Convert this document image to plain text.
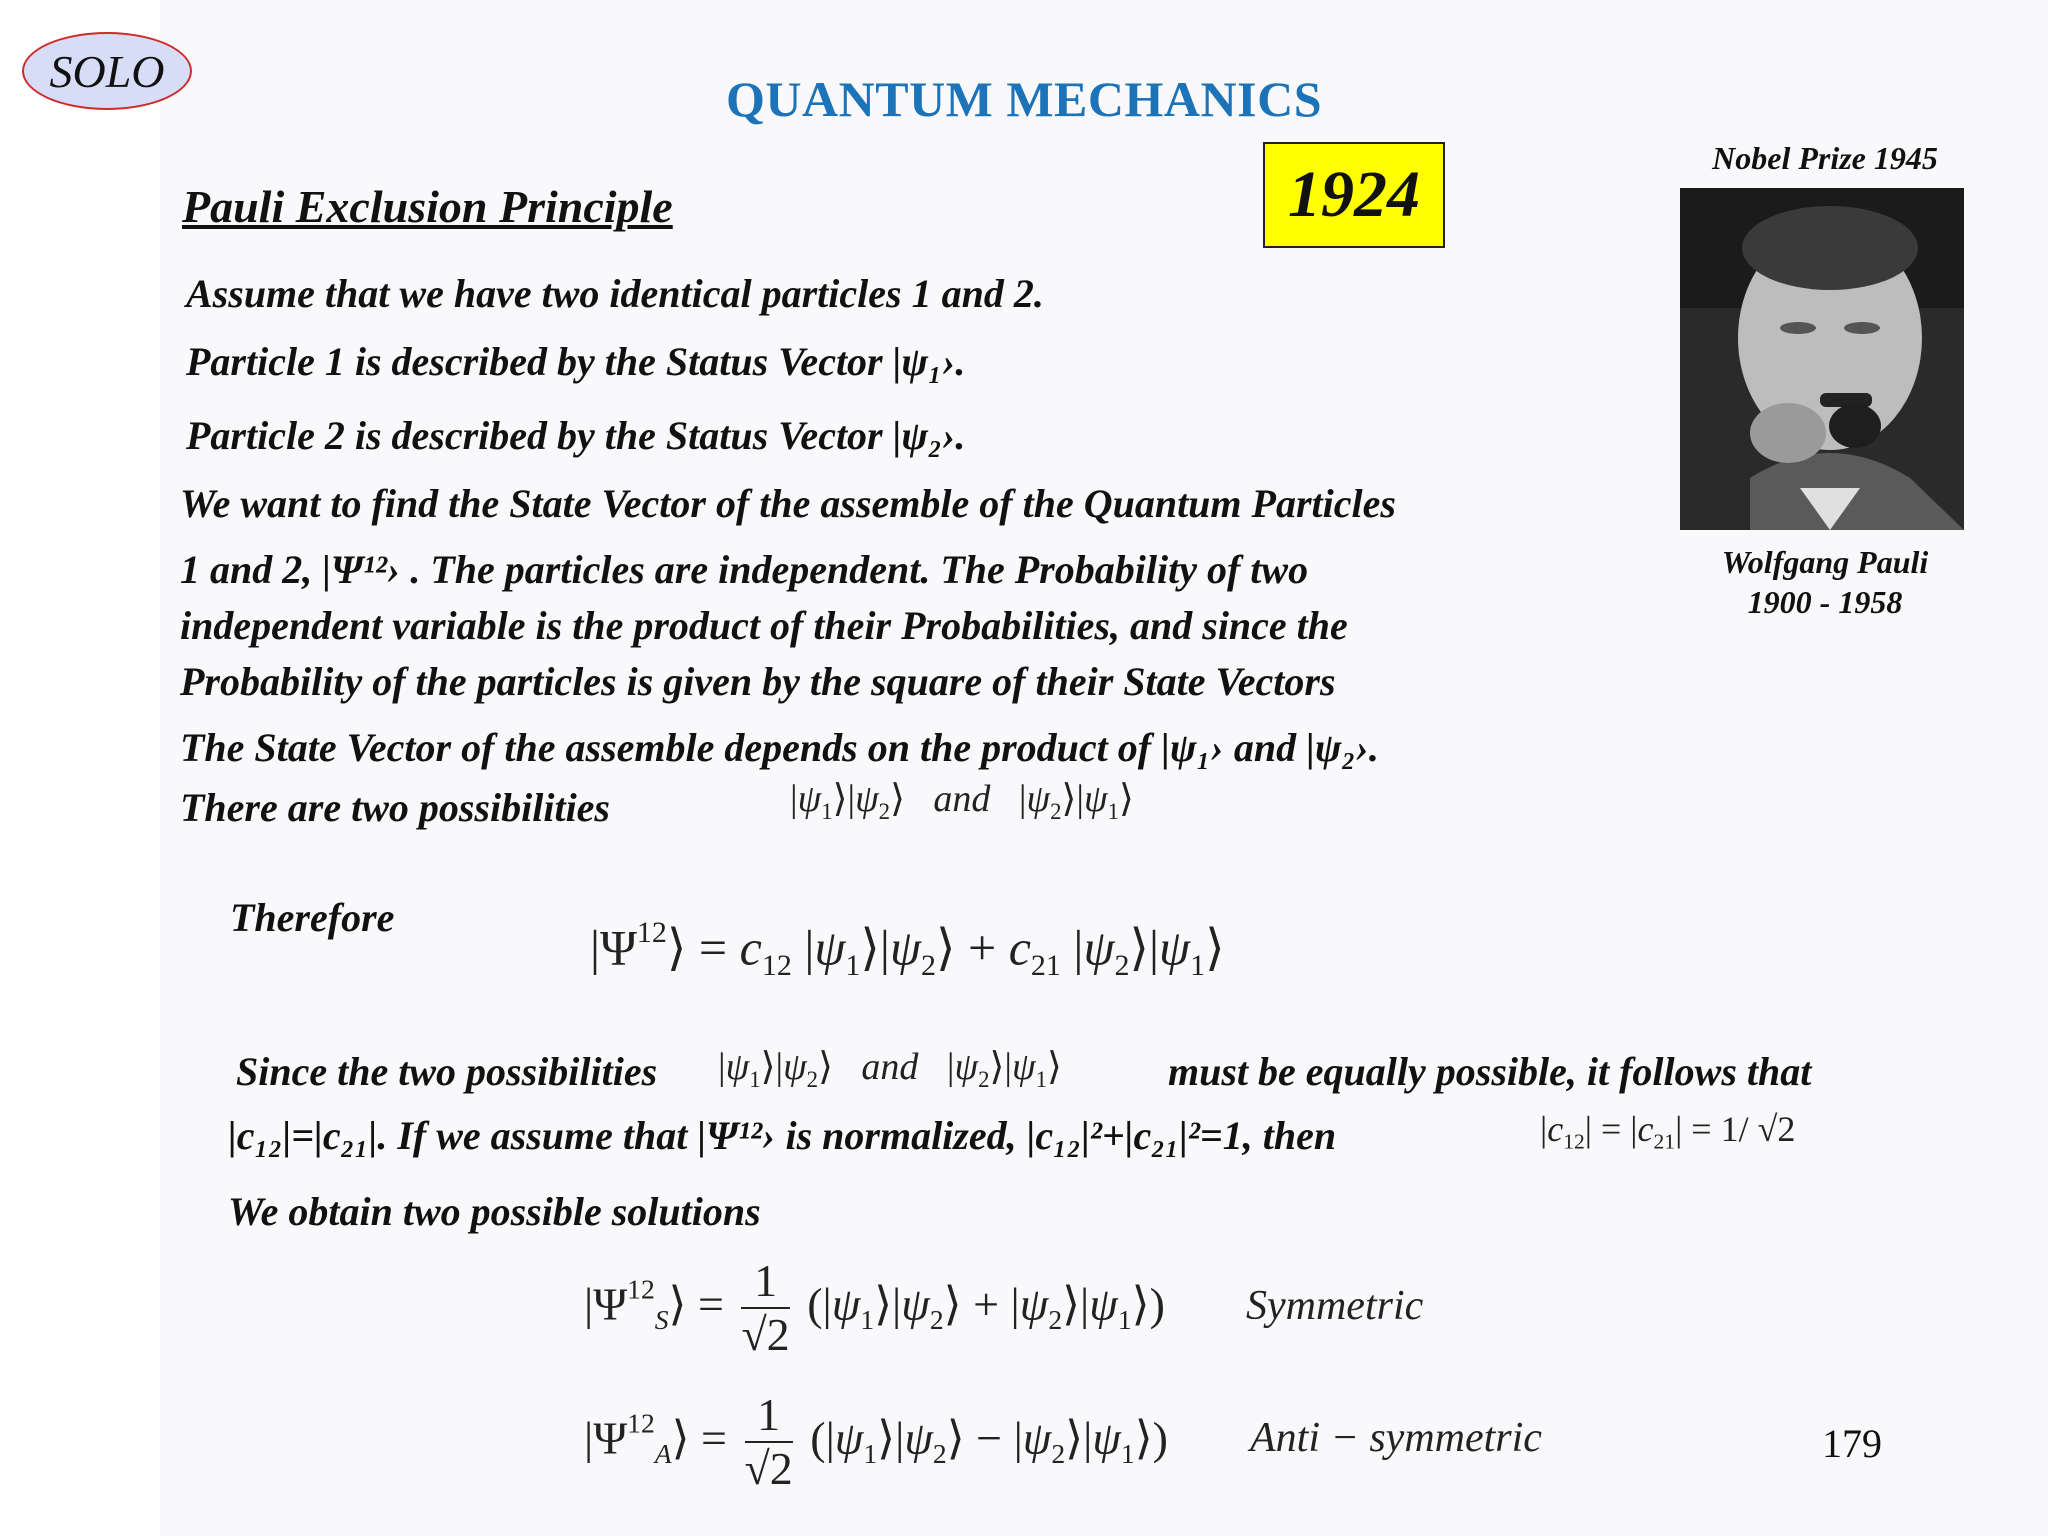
SOLO	QUANTUM MECHANICS
1924
Pauli Exclusion Principle
Nobel Prize 1945
Wolfgang Pauli
1900 - 1958
Assume that we have two identical particles 1 and 2.
Particle 1 is described by the Status Vector |ψ₁›.
Particle 2 is described by the Status Vector |ψ₂›.
We want to find the State Vector of the assemble of the Quantum Particles
1 and 2, |Ψ¹²› . The particles are independent. The Probability of two
independent variable is the product of their Probabilities, and since the
Probability of the particles is given by the square of their State Vectors
The State Vector of the assemble depends on the product of |ψ₁› and |ψ₂›.
There are two possibilities	$|\psi_1⟩|\psi_2⟩$   and   $|\psi_2⟩|\psi_1⟩$
Therefore
$|\Psi^{12}⟩ = c_{12}$ $|\psi_1⟩|\psi_2⟩ + c_{21}$ $|\psi_2⟩|\psi_1⟩$
Since the two possibilities $|\psi_1⟩|\psi_2⟩$   and   $|\psi_2⟩|\psi_1⟩$	must be equally possible, it follows that
|c₁₂|=|c₂₁|. If we assume that |Ψ¹²› is normalized, |c₁₂|²+|c₂₁|²=1, then	$|c_{12}| = |c_{21}| = 1/$ √2
We obtain two possible solutions
$|\Psi^{12}_S⟩ = \frac{1}{√2}$ ($|\psi_1⟩|\psi_2⟩$ + $|\psi_2⟩|\psi_1⟩$) Symmetric
$|\Psi^{12}_A⟩ = \frac{1}{√2}$ ($|\psi_1⟩|\psi_2⟩$ − $|\psi_2⟩|\psi_1⟩$) Anti − symmetric	179
